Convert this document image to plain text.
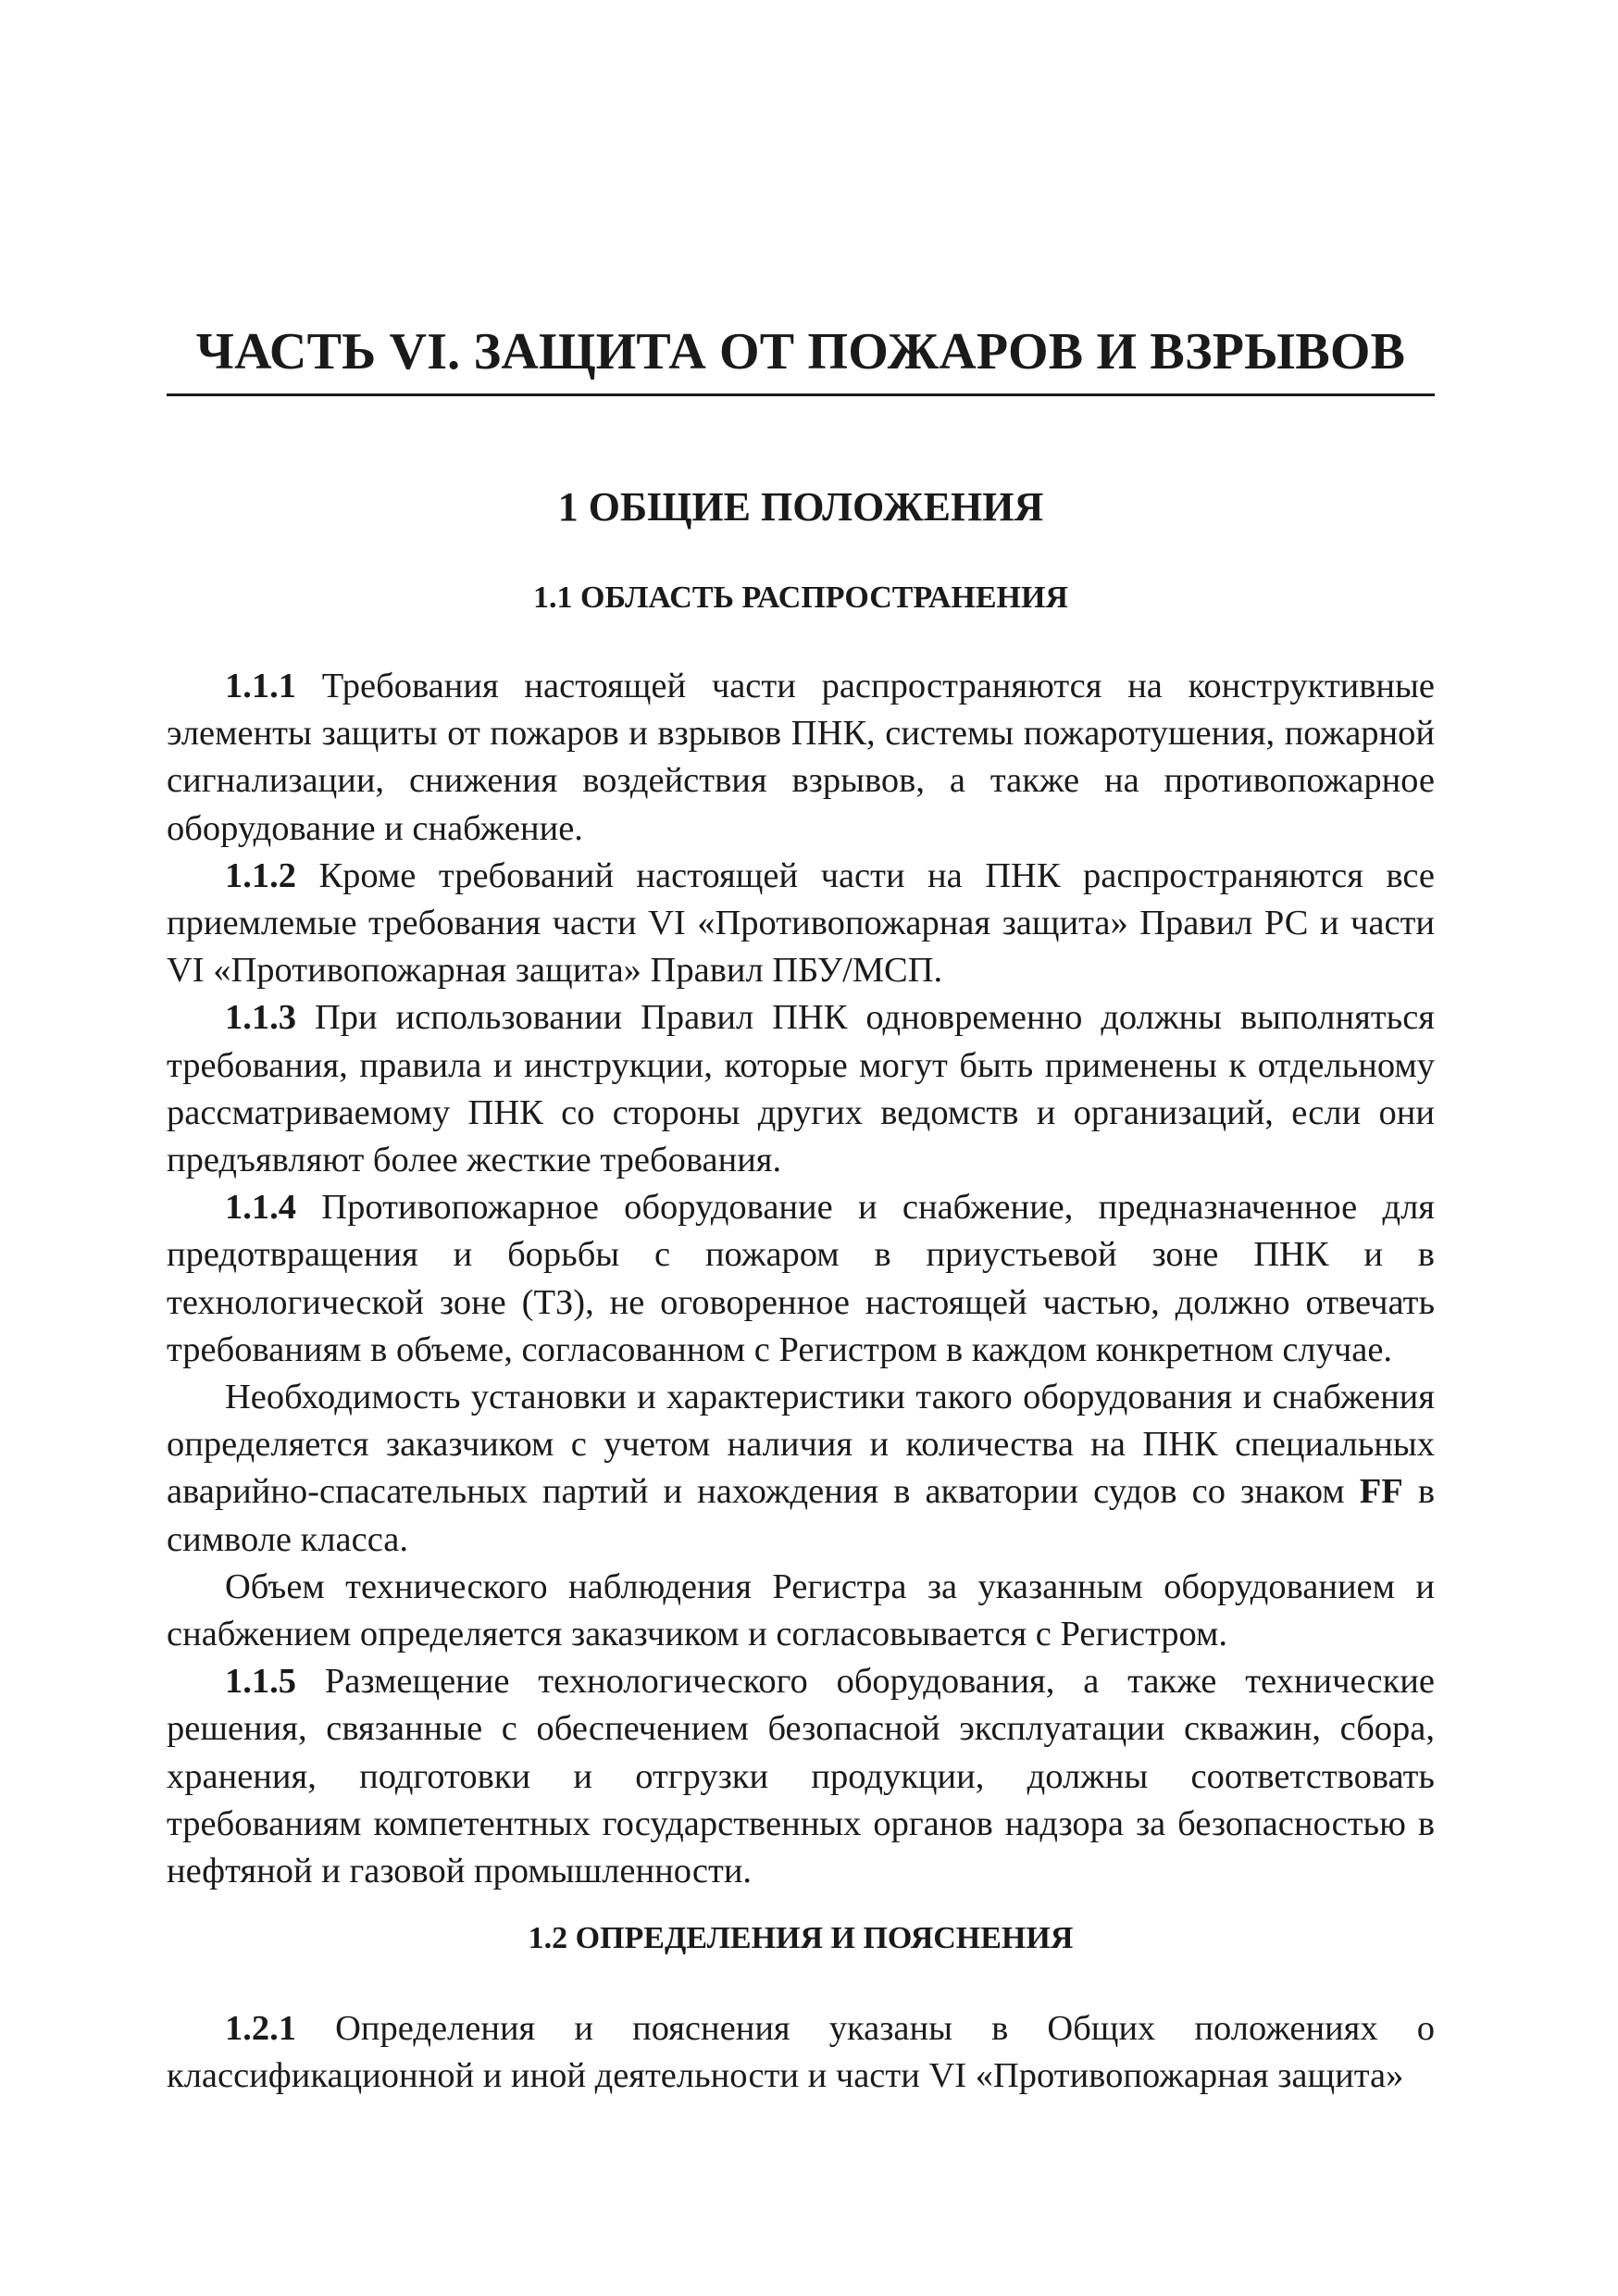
ЧАСТЬ VI. ЗАЩИТА ОТ ПОЖАРОВ И ВЗРЫВОВ
1 ОБЩИЕ ПОЛОЖЕНИЯ
1.1 ОБЛАСТЬ РАСПРОСТРАНЕНИЯ

1.1.1 Требования настоящей части распространяются на конструктивные элементы защиты от пожаров и взрывов ПНК, системы пожаротушения, пожарной сигнализации, снижения воздействия взрывов, а также на противопожарное оборудование и снабжение.

1.1.2 Кроме требований настоящей части на ПНК распространяются все приемлемые требования части VI «Противопожарная защита» Правил РС и части VI «Противопожарная защита» Правил ПБУ/МСП.

1.1.3 При использовании Правил ПНК одновременно должны выполняться требования, правила и инструкции, которые могут быть применены к отдельному рассматриваемому ПНК со стороны других ведомств и организаций, если они предъявляют более жесткие требования.

1.1.4 Противопожарное оборудование и снабжение, предназначенное для предотвращения и борьбы с пожаром в приустьевой зоне ПНК и в технологической зоне (ТЗ), не оговоренное настоящей частью, должно отвечать требованиям в объеме, согласованном с Регистром в каждом конкретном случае.

Необходимость установки и характеристики такого оборудования и снабжения определяется заказчиком с учетом наличия и количества на ПНК специальных аварийно-спасательных партий и нахождения в акватории судов со знаком FF в символе класса.

Объем технического наблюдения Регистра за указанным оборудованием и снабжением определяется заказчиком и согласовывается с Регистром.

1.1.5 Размещение технологического оборудования, а также технические решения, связанные с обеспечением безопасной эксплуатации скважин, сбора, хранения, подготовки и отгрузки продукции, должны соответствовать требованиям компетентных государственных органов надзора за безопасностью в нефтяной и газовой промышленности.

1.2 ОПРЕДЕЛЕНИЯ И ПОЯСНЕНИЯ

1.2.1 Определения и пояснения указаны в Общих положениях о классификационной и иной деятельности и части VI «Противопожарная защита»
